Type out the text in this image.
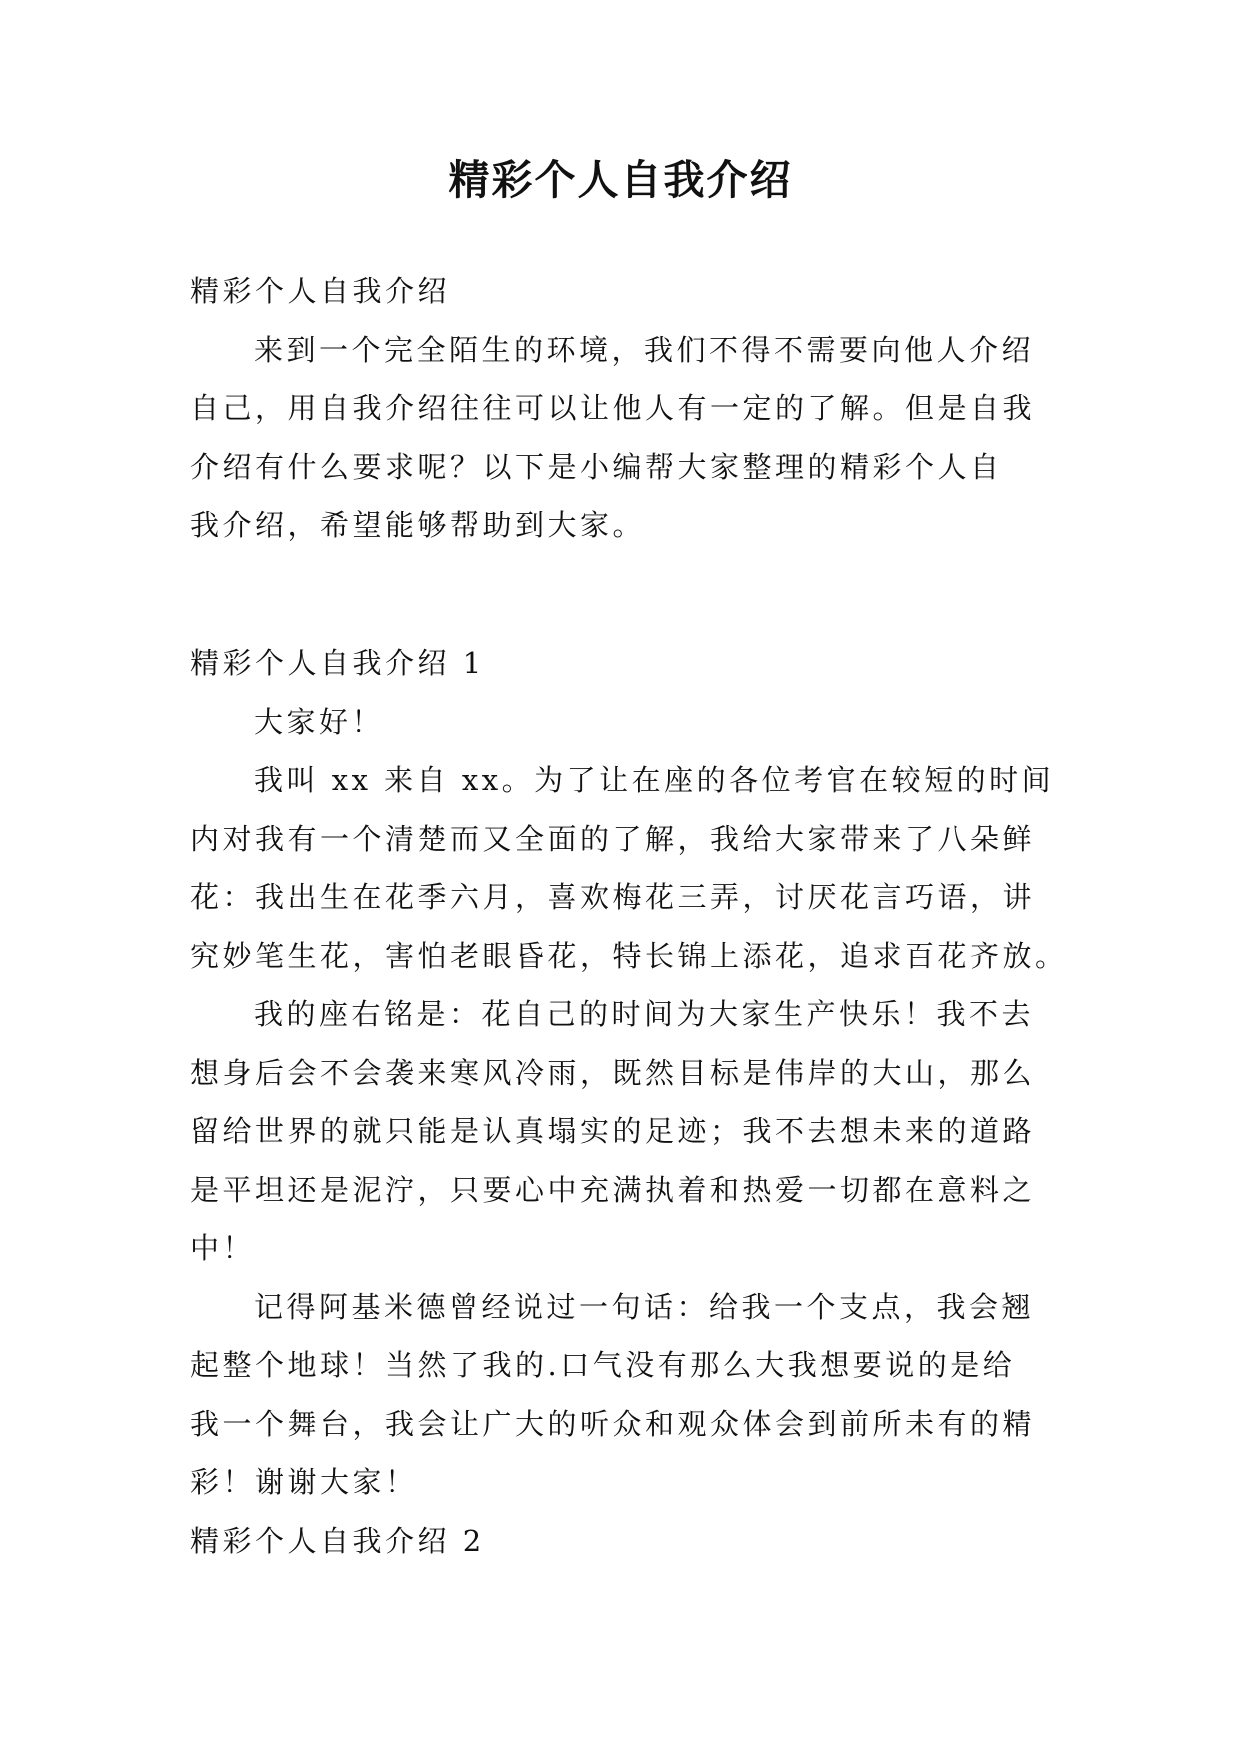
精彩个人自我介绍
精彩个人自我介绍
来到一个完全陌生的环境，我们不得不需要向他人介绍
自己，用自我介绍往往可以让他人有一定的了解。但是自我
介绍有什么要求呢？以下是小编帮大家整理的精彩个人自
我介绍，希望能够帮助到大家。
精彩个人自我介绍 1
大家好！
我叫 xx 来自 xx。为了让在座的各位考官在较短的时间
内对我有一个清楚而又全面的了解，我给大家带来了八朵鲜
花：我出生在花季六月，喜欢梅花三弄，讨厌花言巧语，讲
究妙笔生花，害怕老眼昏花，特长锦上添花，追求百花齐放。
我的座右铭是：花自己的时间为大家生产快乐！我不去
想身后会不会袭来寒风冷雨，既然目标是伟岸的大山，那么
留给世界的就只能是认真塌实的足迹；我不去想未来的道路
是平坦还是泥泞，只要心中充满执着和热爱一切都在意料之
中！
记得阿基米德曾经说过一句话：给我一个支点，我会翘
起整个地球！当然了我的.口气没有那么大我想要说的是给
我一个舞台，我会让广大的听众和观众体会到前所未有的精
彩！谢谢大家！
精彩个人自我介绍 2
